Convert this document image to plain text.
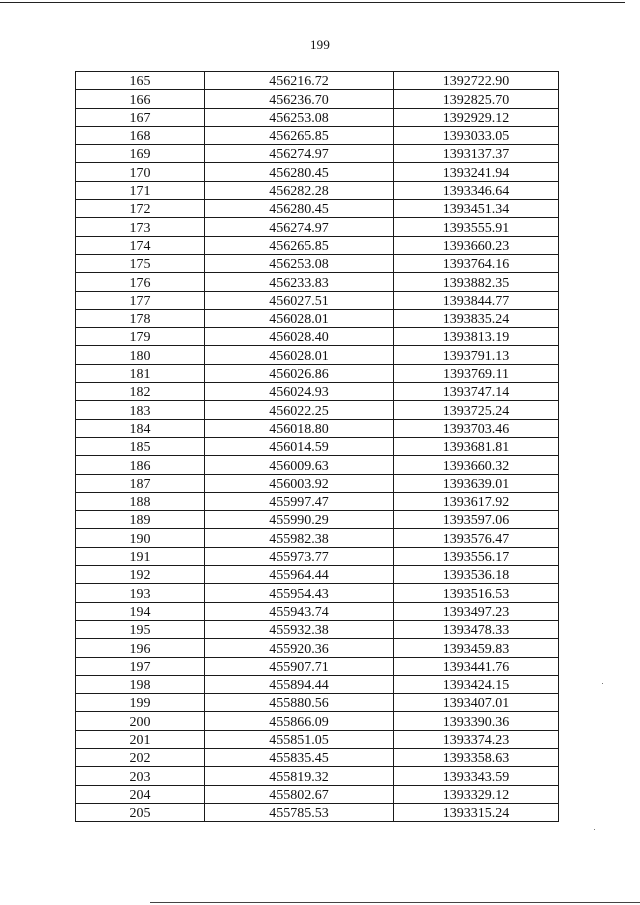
199
165	456216.72	1392722.90
166	456236.70	1392825.70
167	456253.08	1392929.12
168	456265.85	1393033.05
169	456274.97	1393137.37
170	456280.45	1393241.94
171	456282.28	1393346.64
172	456280.45	1393451.34
173	456274.97	1393555.91
174	456265.85	1393660.23
175	456253.08	1393764.16
176	456233.83	1393882.35
177	456027.51	1393844.77
178	456028.01	1393835.24
179	456028.40	1393813.19
180	456028.01	1393791.13
181	456026.86	1393769.11
182	456024.93	1393747.14
183	456022.25	1393725.24
184	456018.80	1393703.46
185	456014.59	1393681.81
186	456009.63	1393660.32
187	456003.92	1393639.01
188	455997.47	1393617.92
189	455990.29	1393597.06
190	455982.38	1393576.47
191	455973.77	1393556.17
192	455964.44	1393536.18
193	455954.43	1393516.53
194	455943.74	1393497.23
195	455932.38	1393478.33
196	455920.36	1393459.83
197	455907.71	1393441.76
198	455894.44	1393424.15
199	455880.56	1393407.01
200	455866.09	1393390.36
201	455851.05	1393374.23
202	455835.45	1393358.63
203	455819.32	1393343.59
204	455802.67	1393329.12
205	455785.53	1393315.24
